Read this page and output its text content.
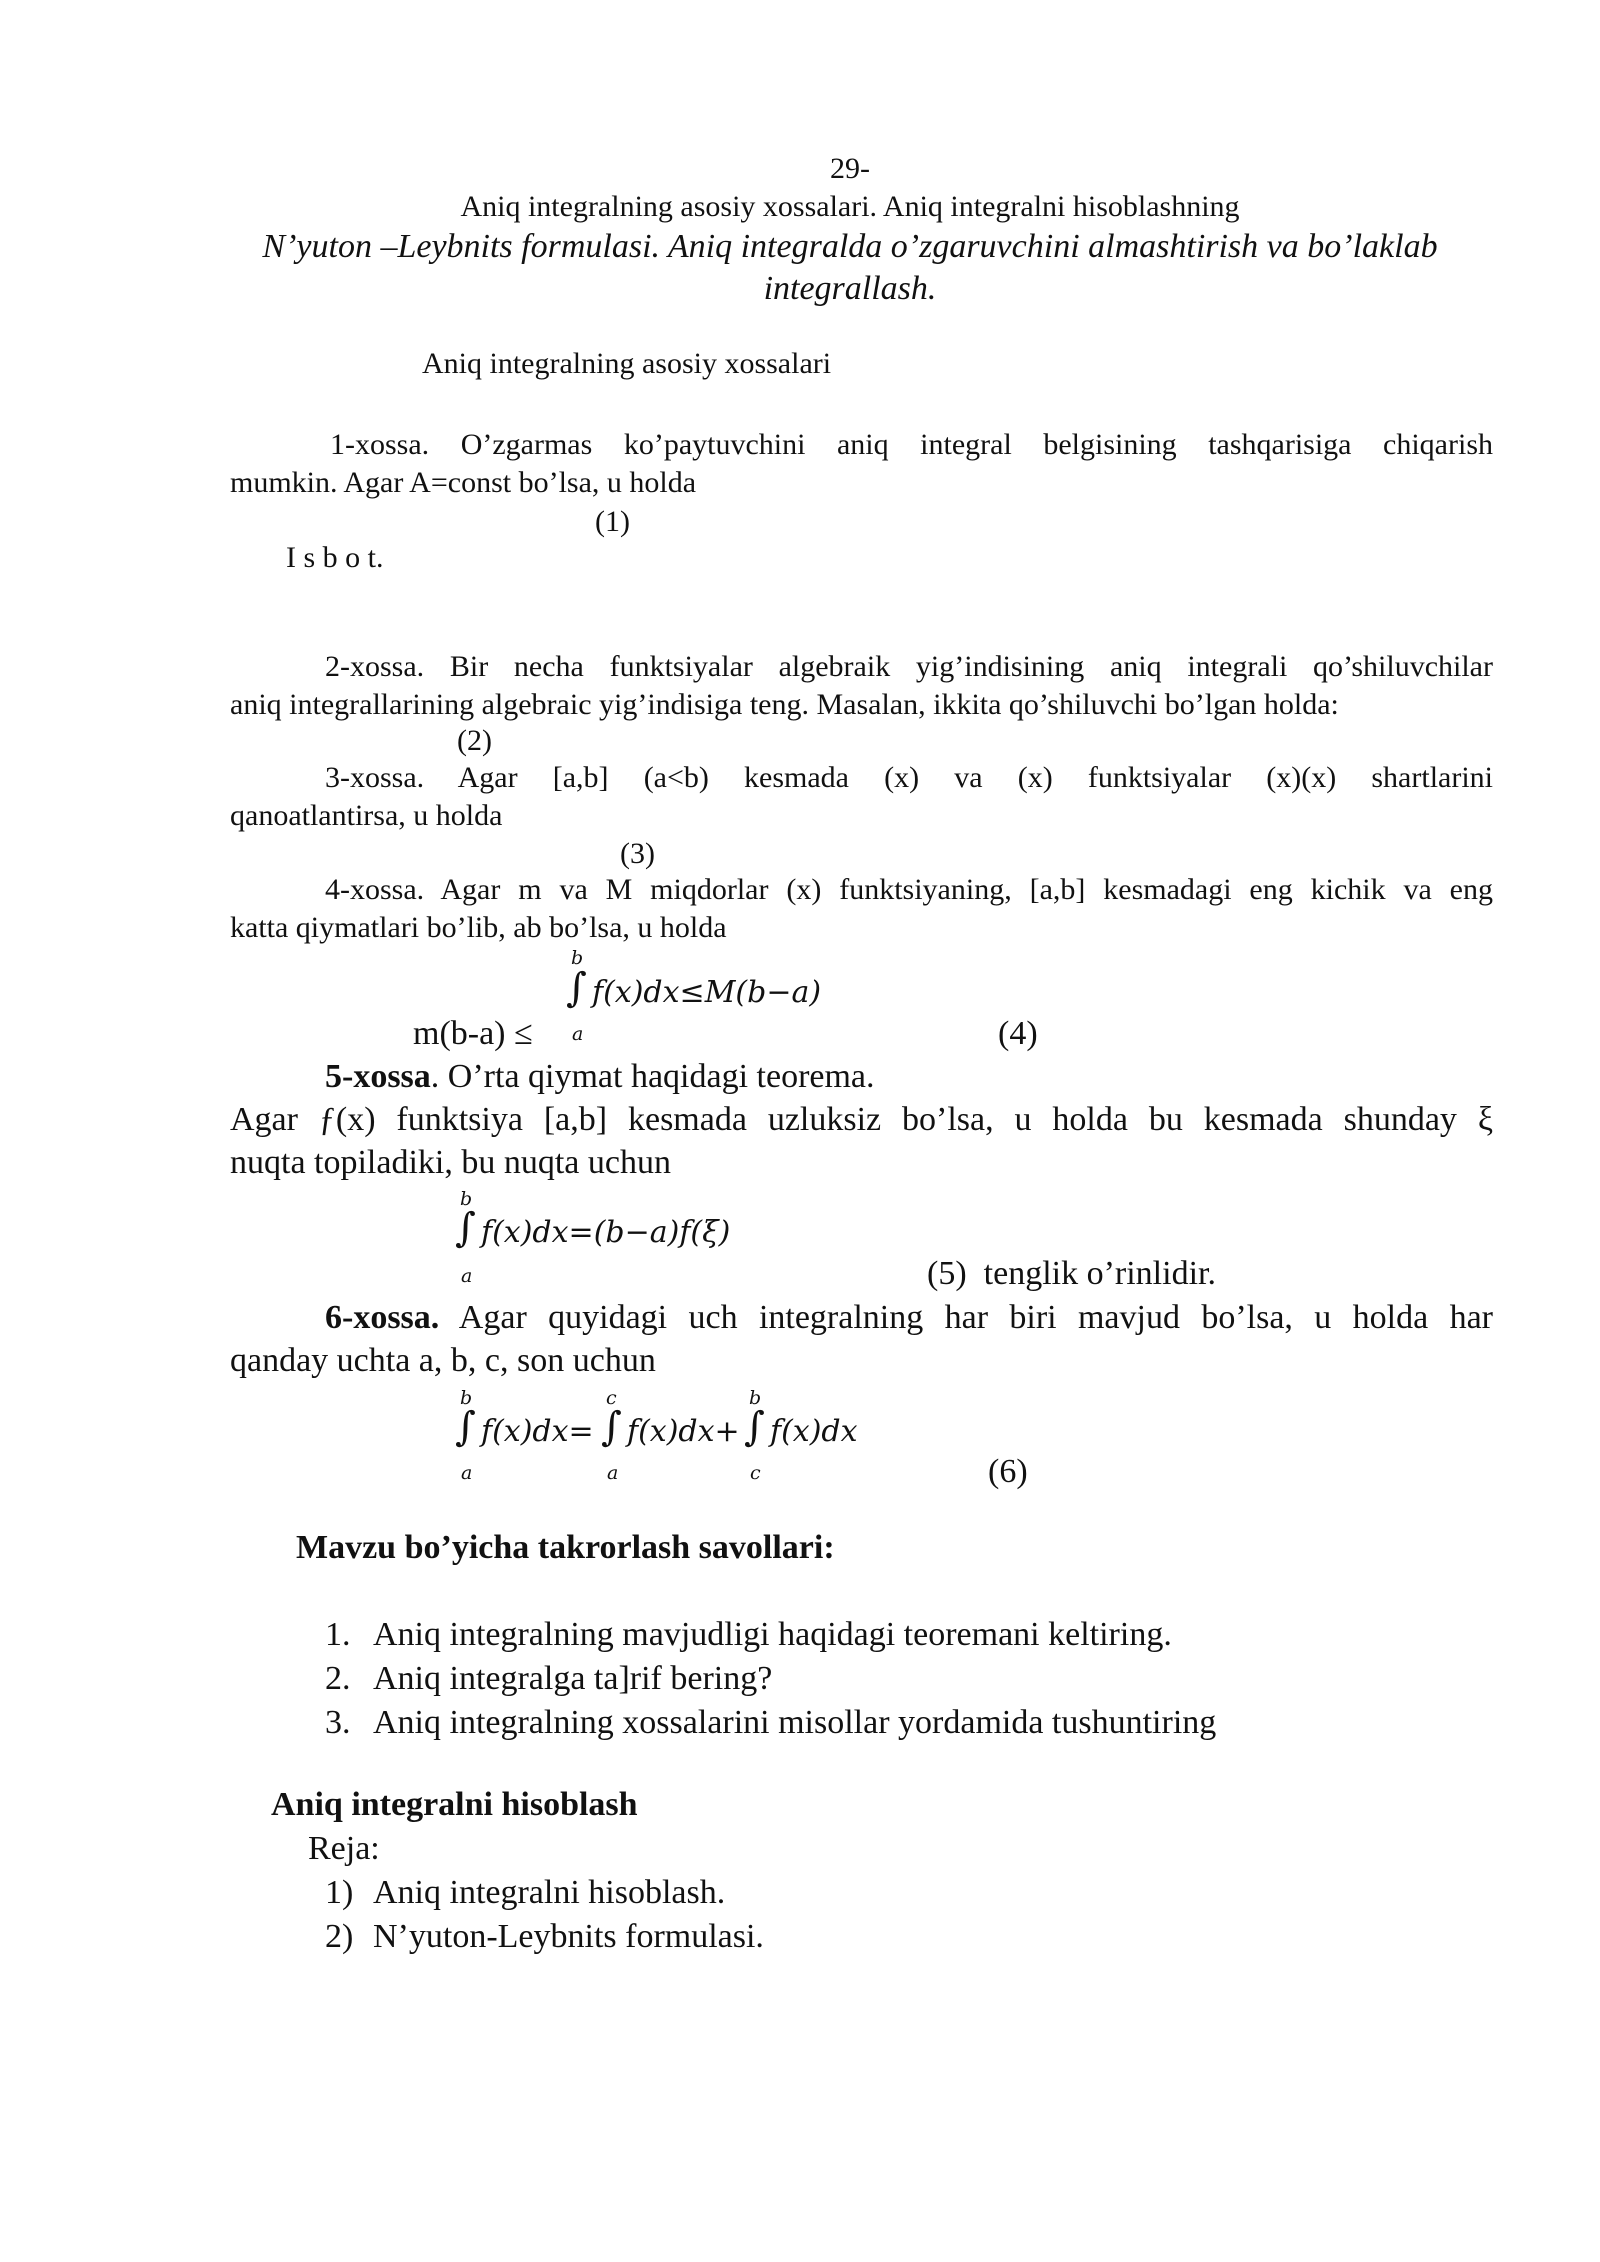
29-
Aniq integralning asosiy xossalari. Aniq integralni hisoblashning
N’yuton –Leybnits formulasi. Aniq integralda o’zgaruvchini almashtirish va bo’laklab
integrallash.
Aniq integralning asosiy xossalari
1-xossa. O’zgarmas ko’paytuvchini aniq integral belgisining tashqarisiga chiqarish
mumkin. Agar A=const bo’lsa, u holda
(1)
I s b o t.
2-xossa. Bir necha funktsiyalar algebraik yig’indisining aniq integrali qo’shiluvchilar
aniq integrallarining algebraic yig’indisiga teng. Masalan, ikkita qo’shiluvchi bo’lgan holda:
(2)
3-xossa. Agar [a,b] (a<b) kesmada (x) va (x) funktsiyalar (x)(x) shartlarini
qanoatlantirsa, u holda
(3)
4-xossa. Agar m va M miqdorlar (x) funktsiyaning, [a,b] kesmadagi eng kichik va eng
katta qiymatlari bo’lib, ab bo’lsa, u holda
b
∫ f(x)dx≤M(b−a)
a
m(b-a) ≤	(4)
5-xossa. O’rta qiymat haqidagi teorema.
Agar ƒ(x) funktsiya [a,b] kesmada uzluksiz bo’lsa, u holda bu kesmada shunday ξ
nuqta topiladiki, bu nuqta uchun
b
∫ f(x)dx=(b−a)f(ξ)
a	(5) tenglik o’rinlidir.
6-xossa. Agar quyidagi uch integralning har biri mavjud bo’lsa, u holda har
qanday uchta a, b, c, son uchun
b
∫ f(x)dx=
a
c
∫ f(x)dx+
a
b
∫ f(x)dx
c	(6)
Mavzu bo’yicha takrorlash savollari:
1. Aniq integralning mavjudligi haqidagi teoremani keltiring.
2. Aniq integralga ta]rif bering?
3. Aniq integralning xossalarini misollar yordamida tushuntiring
Aniq integralni hisoblash
Reja:
1) Aniq integralni hisoblash.
2) N’yuton-Leybnits formulasi.
